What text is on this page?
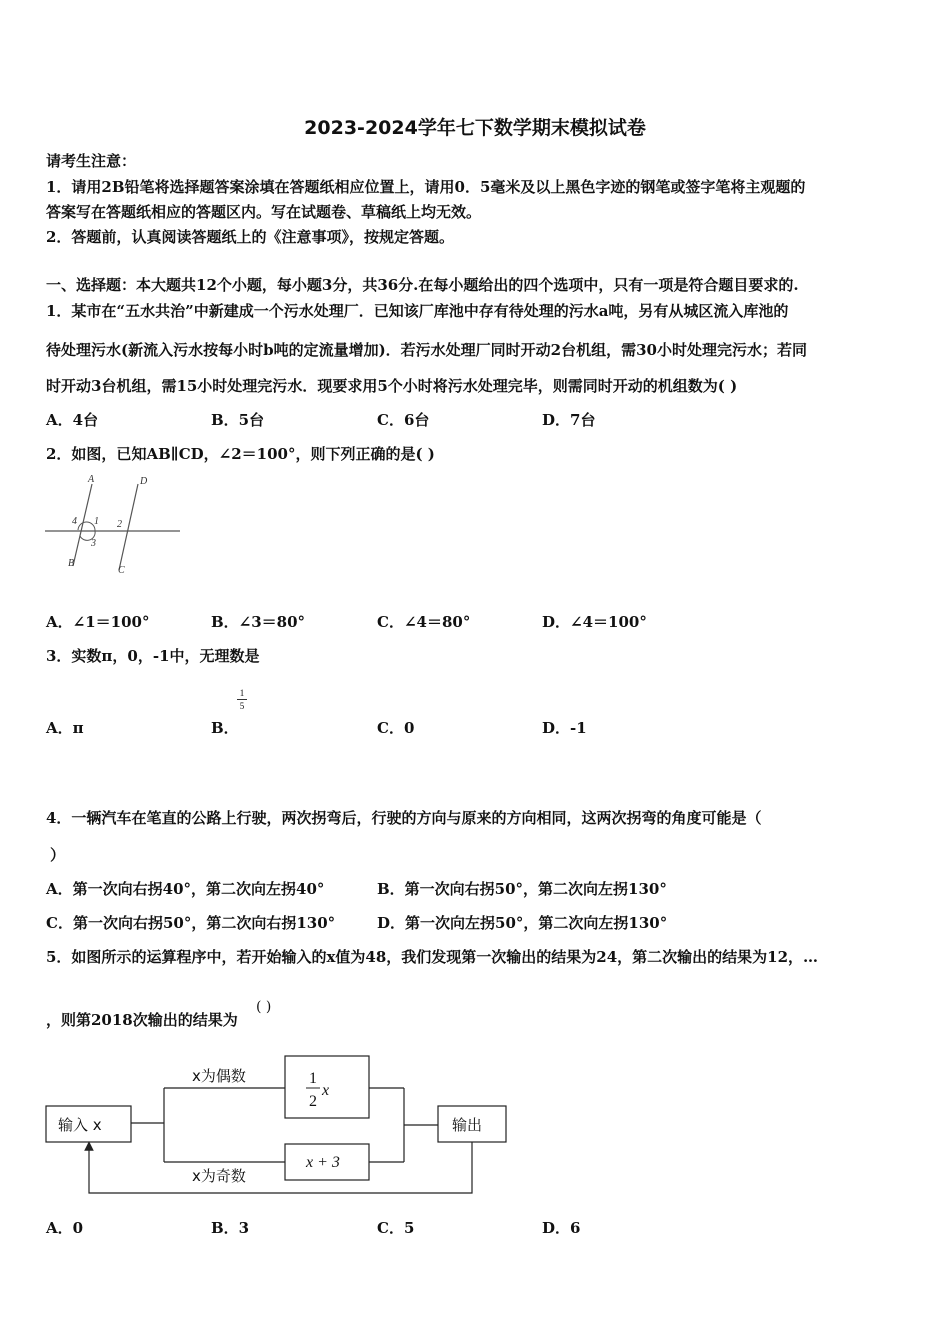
2023-2024学年七下数学期末模拟试卷
请考生注意：
1．请用2B铅笔将选择题答案涂填在答题纸相应位置上，请用0．5毫米及以上黑色字迹的钢笔或签字笔将主观题的
答案写在答题纸相应的答题区内。写在试题卷、草稿纸上均无效。
2．答题前，认真阅读答题纸上的《注意事项》，按规定答题。
一、选择题：本大题共12个小题，每小题3分，共36分.在每小题给出的四个选项中，只有一项是符合题目要求的.
1．某市在“五水共治”中新建成一个污水处理厂．已知该厂库池中存有待处理的污水a吨，另有从城区流入库池的
待处理污水(新流入污水按每小时b吨的定流量增加)．若污水处理厂同时开动2台机组，需30小时处理完污水；若同
时开动3台机组，需15小时处理完污水．现要求用5个小时将污水处理完毕，则需同时开动的机组数为( )
A．4台	B．5台	C．6台	D．7台
2．如图，已知AB∥CD，∠2＝100°，则下列正确的是( )
A	D
4 1 2
3
B
C
A．∠1＝100°	B．∠3＝80°	C．∠4＝80°	D．∠4＝100°
3．实数π，0，-1中，无理数是
1
5
A．π	B．	C．0	D．-1
4．一辆汽车在笔直的公路上行驶，两次拐弯后，行驶的方向与原来的方向相同，这两次拐弯的角度可能是（
）
A．第一次向右拐40°，第二次向左拐40°	B．第一次向右拐50°，第二次向左拐130°
C．第一次向右拐50°，第二次向右拐130°	D．第一次向左拐50°，第二次向左拐130°
5．如图所示的运算程序中，若开始输入的x值为48，我们发现第一次输出的结果为24，第二次输出的结果为12，…
，则第2018次输出的结果为
( )
输入 x
x为偶数
x为奇数
1
2
x
x + 3
输出
A．0	B．3	C．5	D．6
